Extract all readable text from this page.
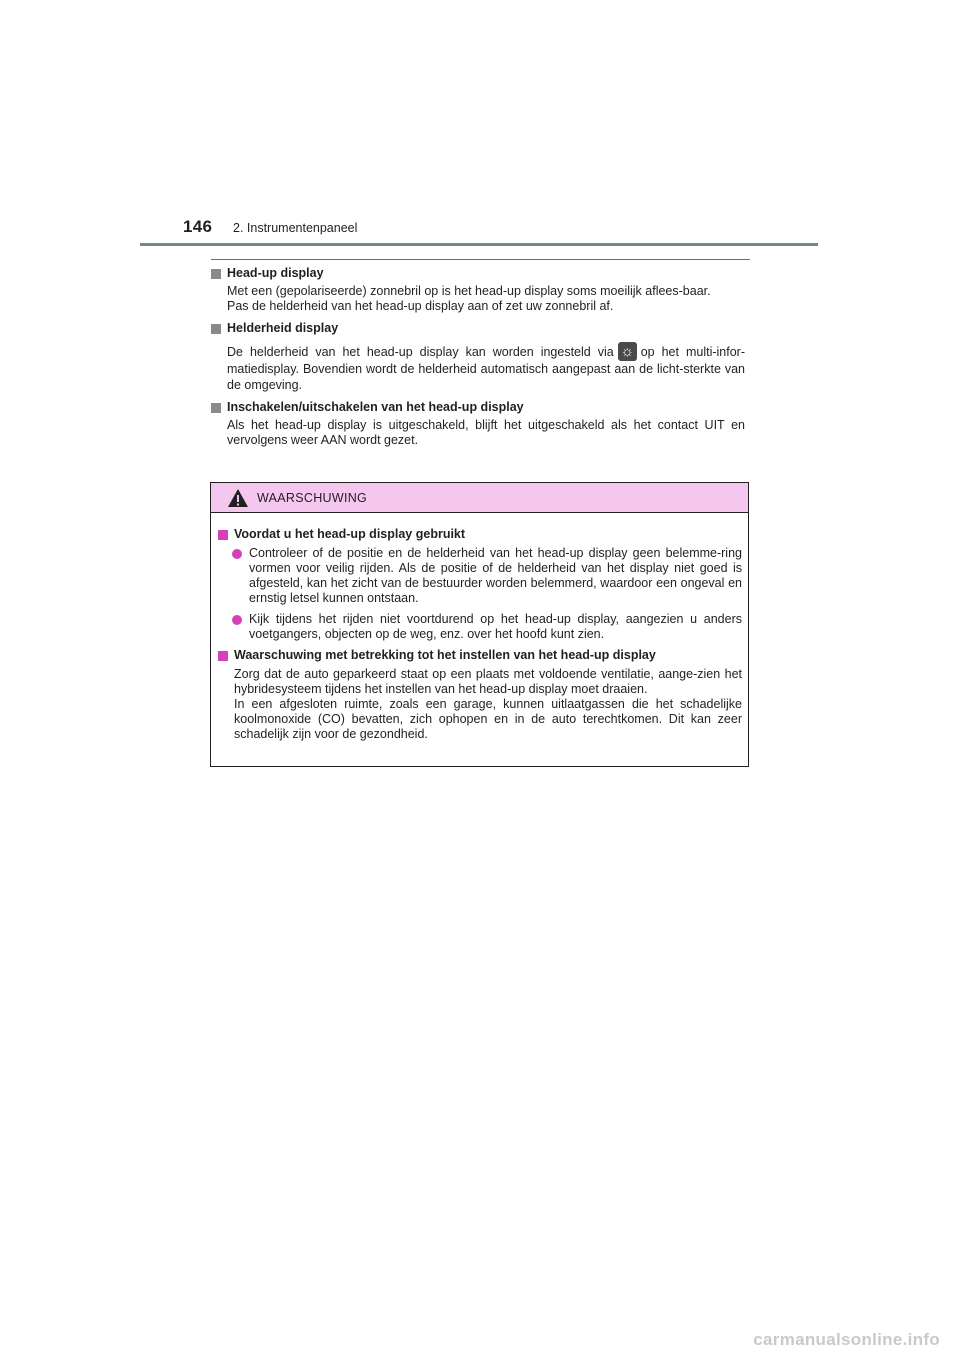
146 2. Instrumentenpaneel
Head-up display

Met een (gepolariseerde) zonnebril op is het head-up display soms moeilijk aflees-baar.

Pas de helderheid van het head-up display aan of zet uw zonnebril af.

Helderheid display

De helderheid van het head-up display kan worden ingesteld via☼ op het multi-infor-matiedisplay. Bovendien wordt de helderheid automatisch aangepast aan de licht-sterkte van de omgeving.

Inschakelen/uitschakelen van het head-up display

Als het head-up display is uitgeschakeld, blijft het uitgeschakeld als het contact UIT en vervolgens weer AAN wordt gezet.

WAARSCHUWING
Voordat u het head-up display gebruikt
Controleer of de positie en de helderheid van het head-up display geen belemme-ring vormen voor veilig rijden. Als de positie of de helderheid van het display niet goed is afgesteld, kan het zicht van de bestuurder worden belemmerd, waardoor een ongeval en ernstig letsel kunnen ontstaan.
Kijk tijdens het rijden niet voortdurend op het head-up display, aangezien u anders voetgangers, objecten op de weg, enz. over het hoofd kunt zien.
Waarschuwing met betrekking tot het instellen van het head-up display

Zorg dat de auto geparkeerd staat op een plaats met voldoende ventilatie, aange-zien het hybridesysteem tijdens het instellen van het head-up display moet draaien.

In een afgesloten ruimte, zoals een garage, kunnen uitlaatgassen die het schadelijke koolmonoxide (CO) bevatten, zich ophopen en in de auto terechtkomen. Dit kan zeer schadelijk zijn voor de gezondheid.

carmanualsonline.info
